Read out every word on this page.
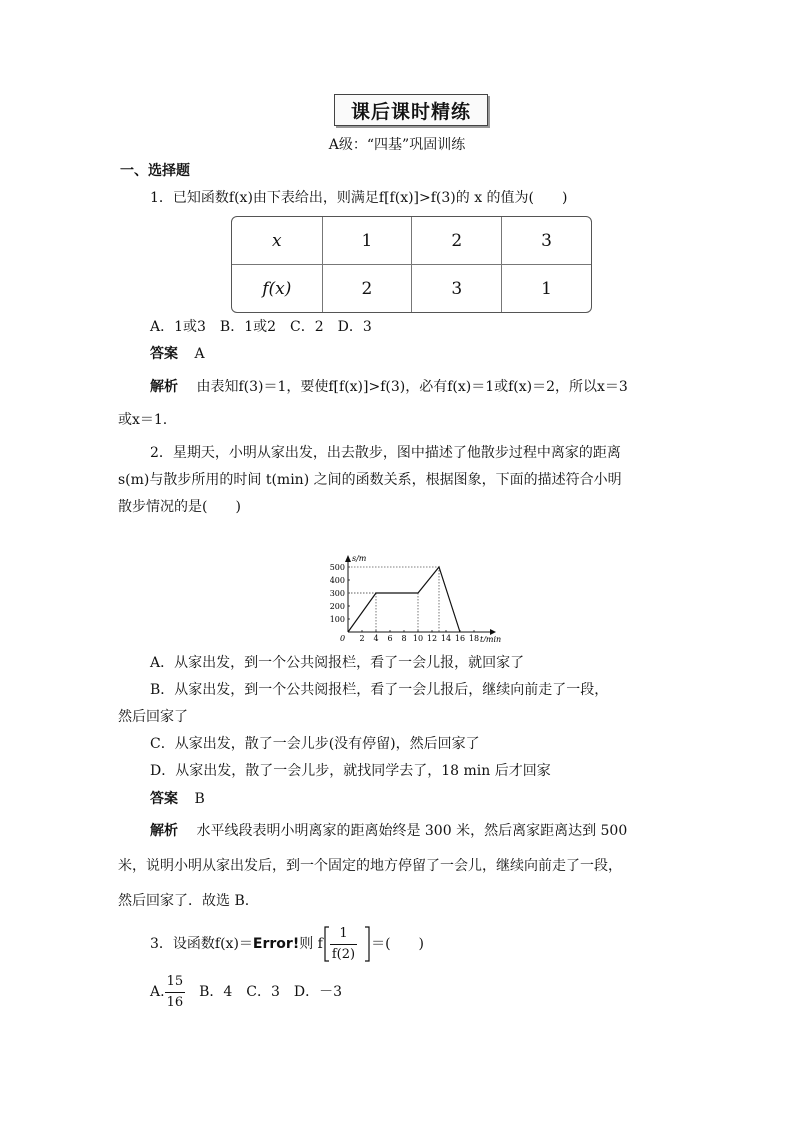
课后课时精练
A级：“四基”巩固训练
一、选择题
1．已知函数f(x)由下表给出，则满足f[f(x)]>f(3)的 x 的值为(　　)
x	1	2	3
f(x)	2	3	1
A．1或3　B．1或2　C．2　D．3
答案 A
解析 由表知f(3)＝1，要使f[f(x)]>f(3)，必有f(x)＝1或f(x)＝2，所以x＝3
或x＝1.
2．星期天，小明从家出发，出去散步，图中描述了他散步过程中离家的距离
s(m)与散步所用的时间 t(min) 之间的函数关系，根据图象，下面的描述符合小明
散步情况的是(　　)
s/m
t/min
0 2 4 6 8 10 12 14 16 18
100
200
300
400
500
A．从家出发，到一个公共阅报栏，看了一会儿报，就回家了
B．从家出发，到一个公共阅报栏，看了一会儿报后，继续向前走了一段，
然后回家了
C．从家出发，散了一会儿步(没有停留)，然后回家了
D．从家出发，散了一会儿步，就找同学去了，18 min 后才回家
答案 B
解析 水平线段表明小明离家的距离始终是 300 米，然后离家距离达到 500
米，说明小明从家出发后，到一个固定的地方停留了一会儿，继续向前走了一段，
然后回家了．故选 B.
3．设函数f(x)＝ Error! 则 f $\frac{1}{f(2)}$ ＝(　　)
A. $\frac{15}{16}$ 　B．4　C．3　D．－3
